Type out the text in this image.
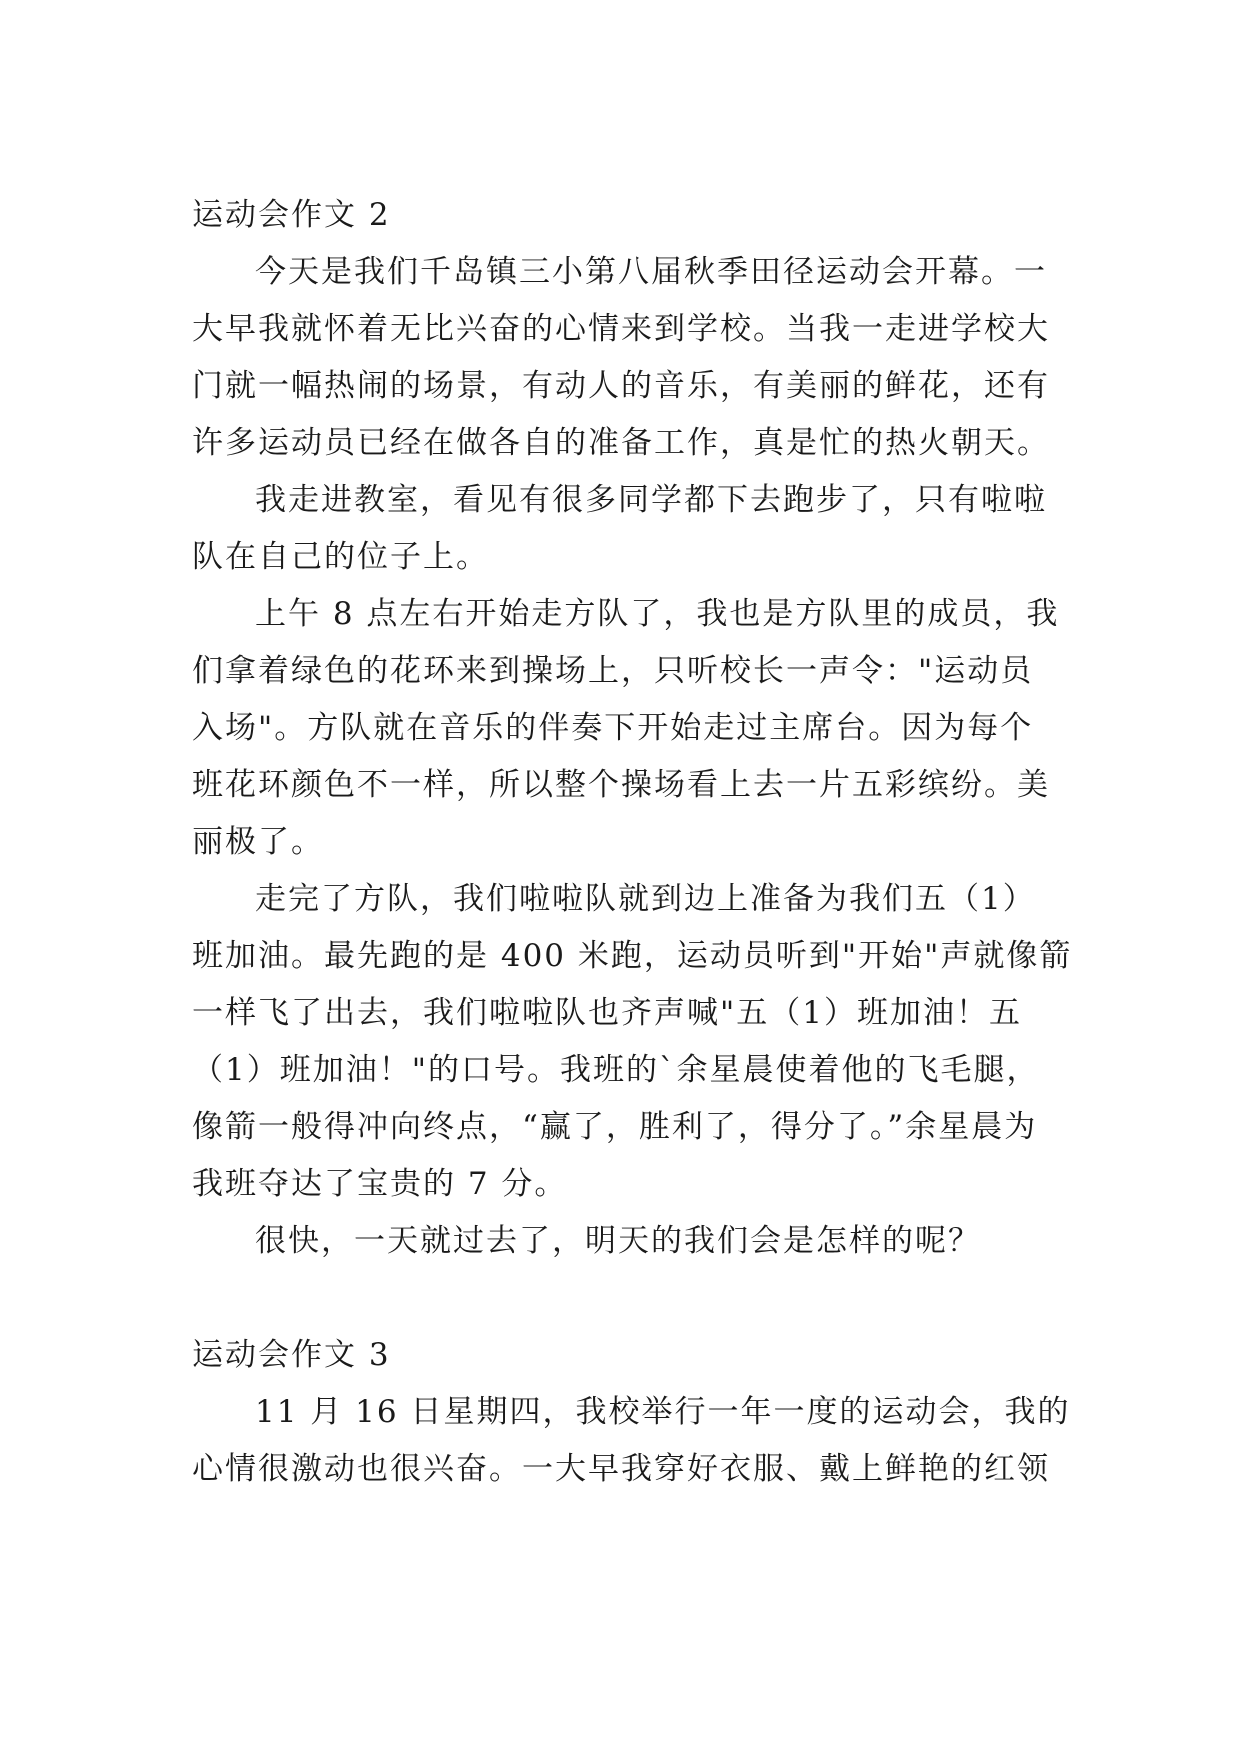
运动会作文 2
今天是我们千岛镇三小第八届秋季田径运动会开幕。一
大早我就怀着无比兴奋的心情来到学校。当我一走进学校大
门就一幅热闹的场景，有动人的音乐，有美丽的鲜花，还有
许多运动员已经在做各自的准备工作，真是忙的热火朝天。
我走进教室，看见有很多同学都下去跑步了，只有啦啦
队在自己的位子上。
上午 8 点左右开始走方队了，我也是方队里的成员，我
们拿着绿色的花环来到操场上，只听校长一声令："运动员
入场"。方队就在音乐的伴奏下开始走过主席台。因为每个
班花环颜色不一样，所以整个操场看上去一片五彩缤纷。美
丽极了。
走完了方队，我们啦啦队就到边上准备为我们五（1）
班加油。最先跑的是 400 米跑，运动员听到"开始"声就像箭
一样飞了出去，我们啦啦队也齐声喊"五（1）班加油！五
（1）班加油！"的口号。我班的`余星晨使着他的飞毛腿，
像箭一般得冲向终点，“赢了，胜利了，得分了。”余星晨为
我班夺达了宝贵的 7 分。
很快，一天就过去了，明天的我们会是怎样的呢？
运动会作文 3
11 月 16 日星期四，我校举行一年一度的运动会，我的
心情很激动也很兴奋。一大早我穿好衣服、戴上鲜艳的红领
